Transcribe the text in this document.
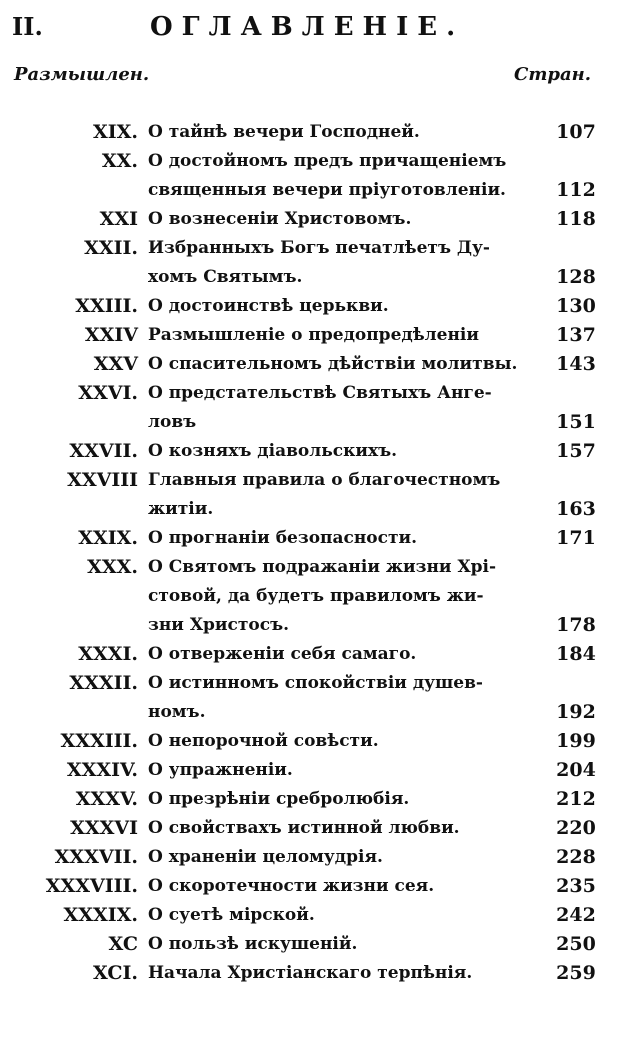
II.	ОГЛАВЛЕНІЕ.
Размышлен.	Стран.
XIX. О тайнѣ вечери Господней.	107
XX. О достойномъ предъ причащеніемъ
священныя вечери пріуготовленіи.	112
XXI О вознесеніи Христовомъ.	118
XXII. Избранныхъ Богъ печатлѣетъ Ду-
хомъ Святымъ.	128
XXIII. О достоинствѣ церькви.	130
XXIV Размышленіе о предопредѣленіи	137
XXV О спасительномъ дѣйствіи молитвы.	143
XXVI. О предстательствѣ Святыхъ Анге-
ловъ	151
XXVII. О козняхъ діавольскихъ.	157
XXVIII Главныя правила о благочестномъ
житіи.	163
XXIX. О прогнаніи безопасности.	171
XXX. О Святомъ подражаніи жизни Хрі-
стовой, да будетъ правиломъ жи-
зни Христосъ.	178
XXXI. О отверженіи себя самаго.	184
XXXII. О истинномъ спокойствіи душев-
номъ.	192
XXXIII. О непорочной совѣсти.	199
XXXIV. О упражненіи.	204
XXXV. О презрѣніи сребролюбія.	212
XXXVI О свойствахъ истинной любви.	220
XXXVII. О храненіи целомудрія.	228
XXXVIII. О скоротечности жизни сея.	235
XXXIX. О суетѣ мірской.	242
XC О пользѣ искушеній.	250
XCI. Начала Христіанскаго терпѣнія.	259
